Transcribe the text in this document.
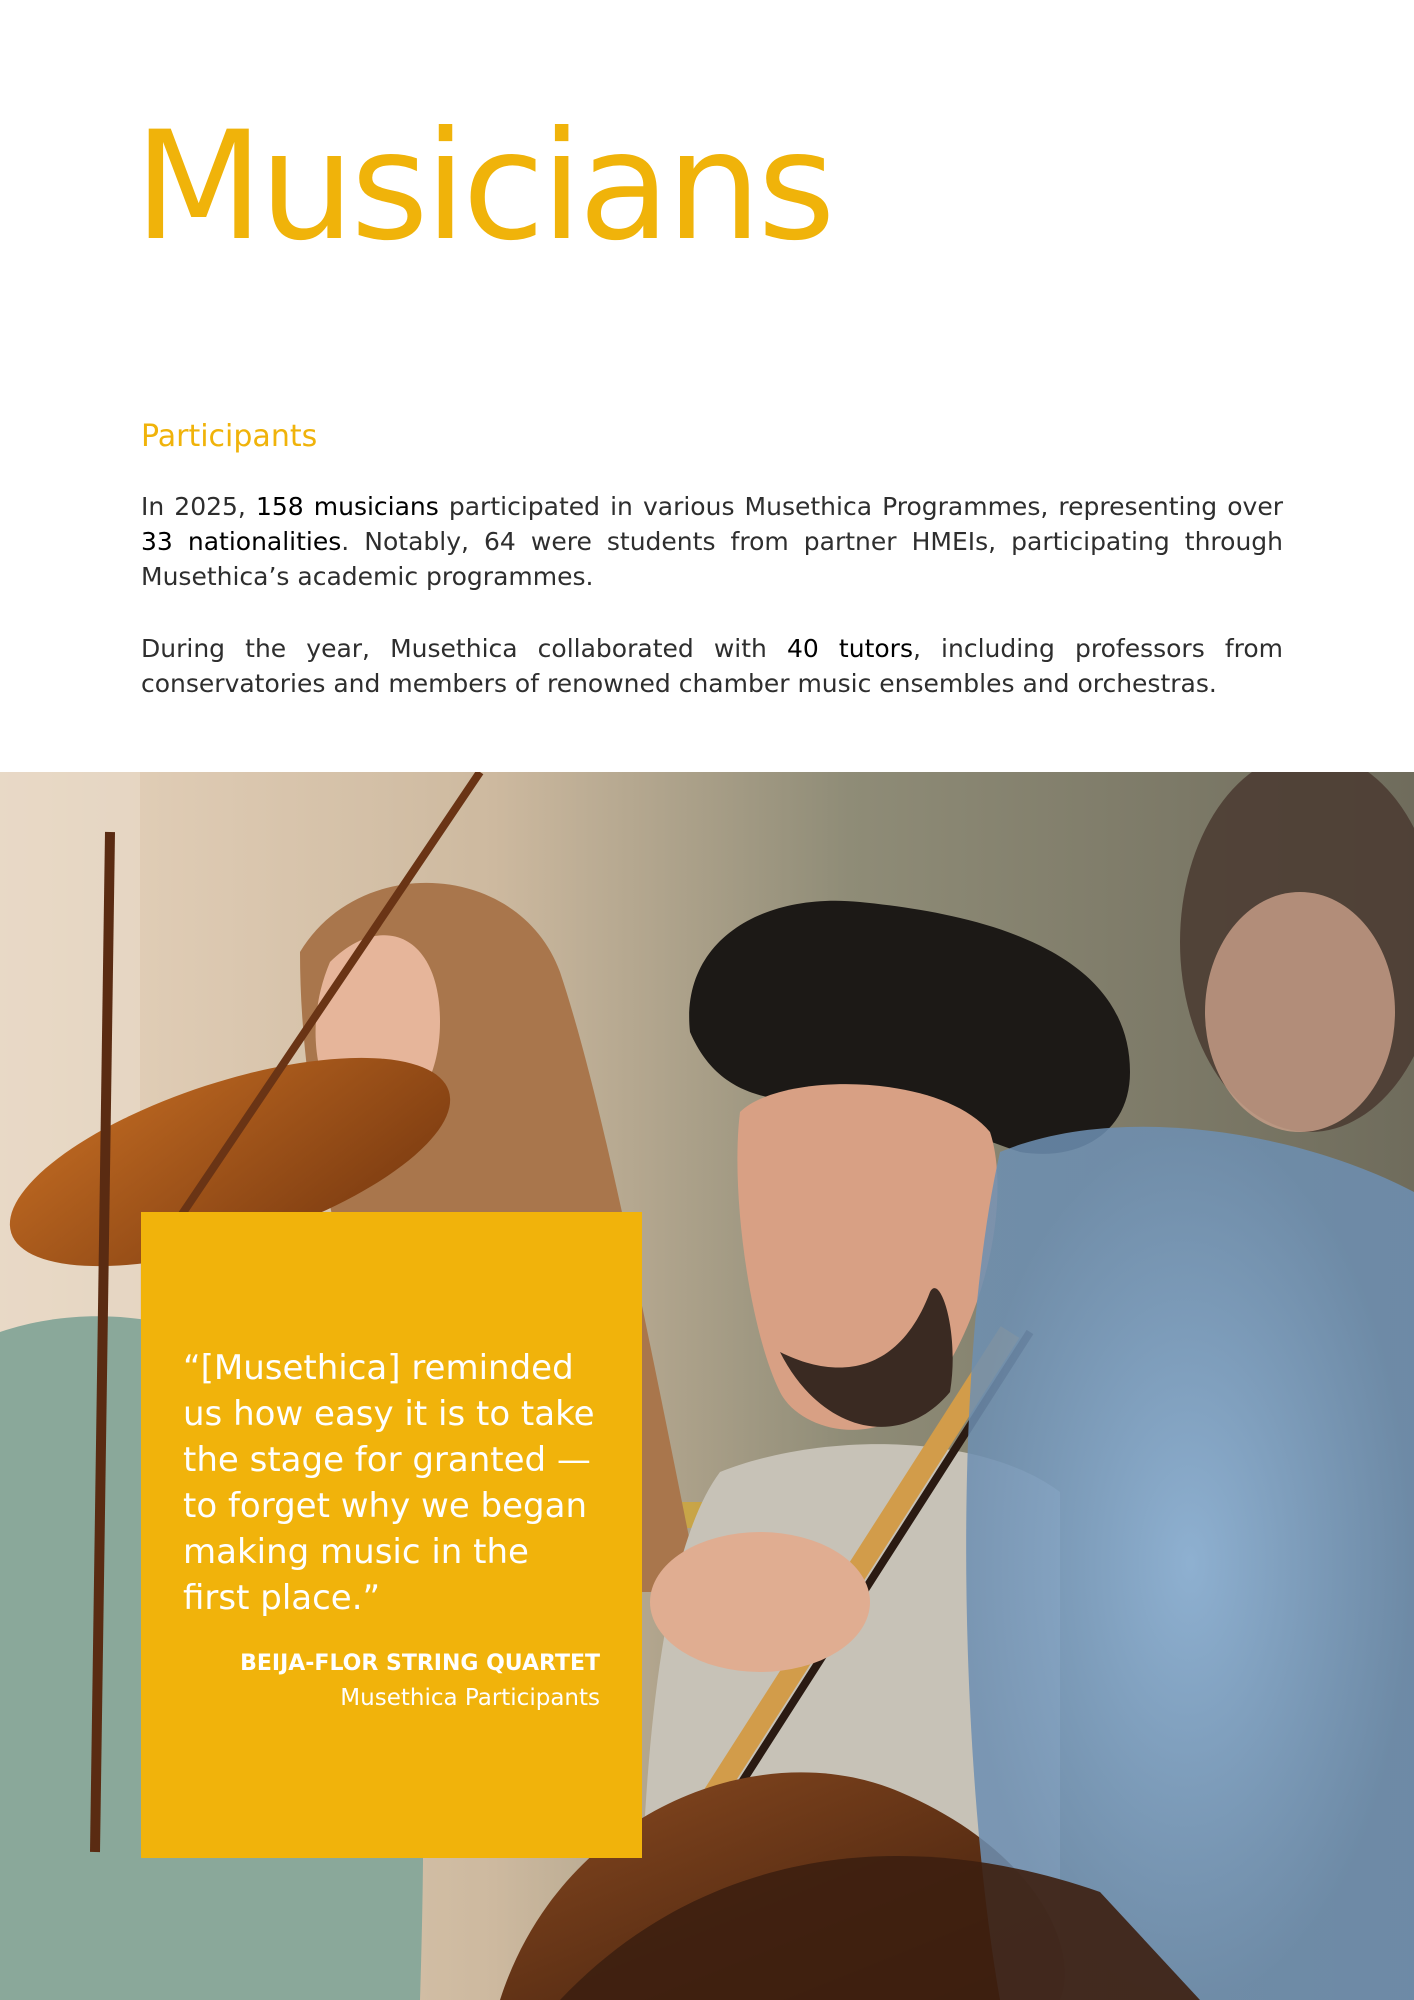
Musicians
Participants

In 2025, 158 musicians participated in various Musethica Programmes, representing over 33 nationalities. Notably, 64 were students from partner HMEIs, participating through Musethica’s academic programmes.

During the year, Musethica collaborated with 40 tutors, including professors from conservatories and members of renowned chamber music ensembles and orchestras.

“[Musethica] reminded us how easy it is to take the stage for granted — to forget why we began making music in the first place.”

BEIJA-FLOR STRING QUARTET

Musethica Participants
